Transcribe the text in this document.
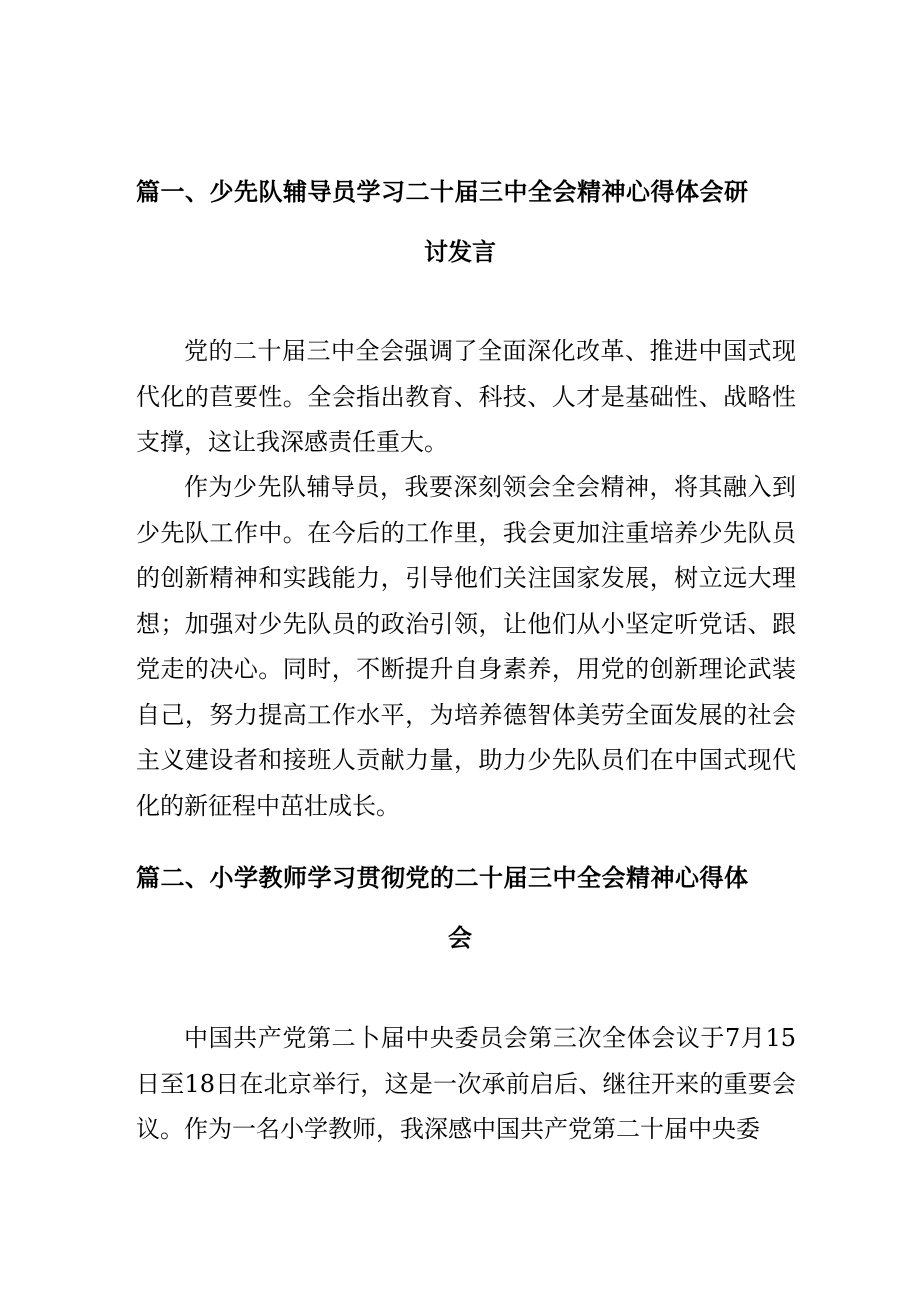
篇一、少先队辅导员学习二十届三中全会精神心得体会研
讨发言

党的二十届三中全会强调了全面深化改革、推进中国式现代化的苣要性。全会指出教育、科技、人才是基础性、战略性支撑，这让我深感责任重大。

作为少先队辅导员，我要深刻领会全会精神，将其融入到少先队工作中。在今后的工作里，我会更加注重培养少先队员的创新精神和实践能力，引导他们关注国家发展，树立远大理想；加强对少先队员的政治引领，让他们从小坚定听党话、跟党走的决心。同时，不断提升自身素养，用党的创新理论武装自己，努力提高工作水平，为培养德智体美劳全面发展的社会主义建设者和接班人贡献力量，助力少先队员们在中国式现代化的新征程中茁壮成长。

篇二、小学教师学习贯彻党的二十届三中全会精神心得体
会

中国共产党第二卜届中央委员会第三次全体会议于7月15日至18日在北京举行，这是一次承前启后、继往开来的重要会议。 作为一名小学教师，我深感中国共产党第二十届中央委
